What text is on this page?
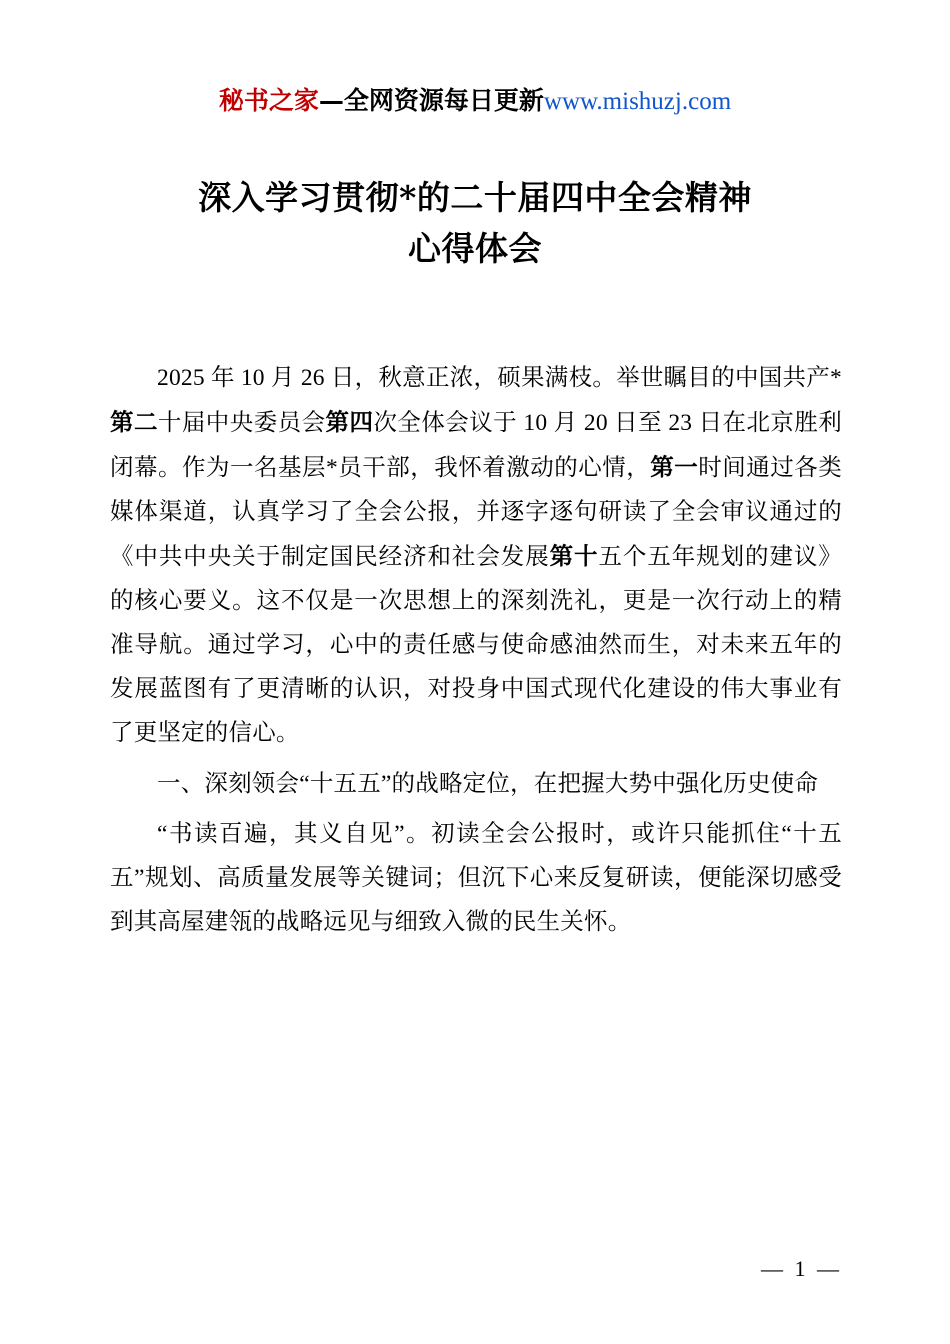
秘书之家—全网资源每日更新www.mishuzj.com
深入学习贯彻*的二十届四中全会精神
心得体会

2025 年 10 月 26 日，秋意正浓，硕果满枝。举世瞩目的中国共产*第二十届中央委员会第四次全体会议于 10 月 20 日至 23 日在北京胜利闭幕。作为一名基层*员干部，我怀着激动的心情，第一时间通过各类媒体渠道，认真学习了全会公报，并逐字逐句研读了全会审议通过的《中共中央关于制定国民经济和社会发展第十五个五年规划的建议》的核心要义。这不仅是一次思想上的深刻洗礼，更是一次行动上的精准导航。通过学习，心中的责任感与使命感油然而生，对未来五年的发展蓝图有了更清晰的认识，对投身中国式现代化建设的伟大事业有了更坚定的信心。

一、深刻领会“十五五”的战略定位，在把握大势中强化历史使命

“书读百遍，其义自见”。初读全会公报时，或许只能抓住“十五五”规划、高质量发展等关键词；但沉下心来反复研读，便能深切感受到其高屋建瓴的战略远见与细致入微的民生关怀。

— 1 —
